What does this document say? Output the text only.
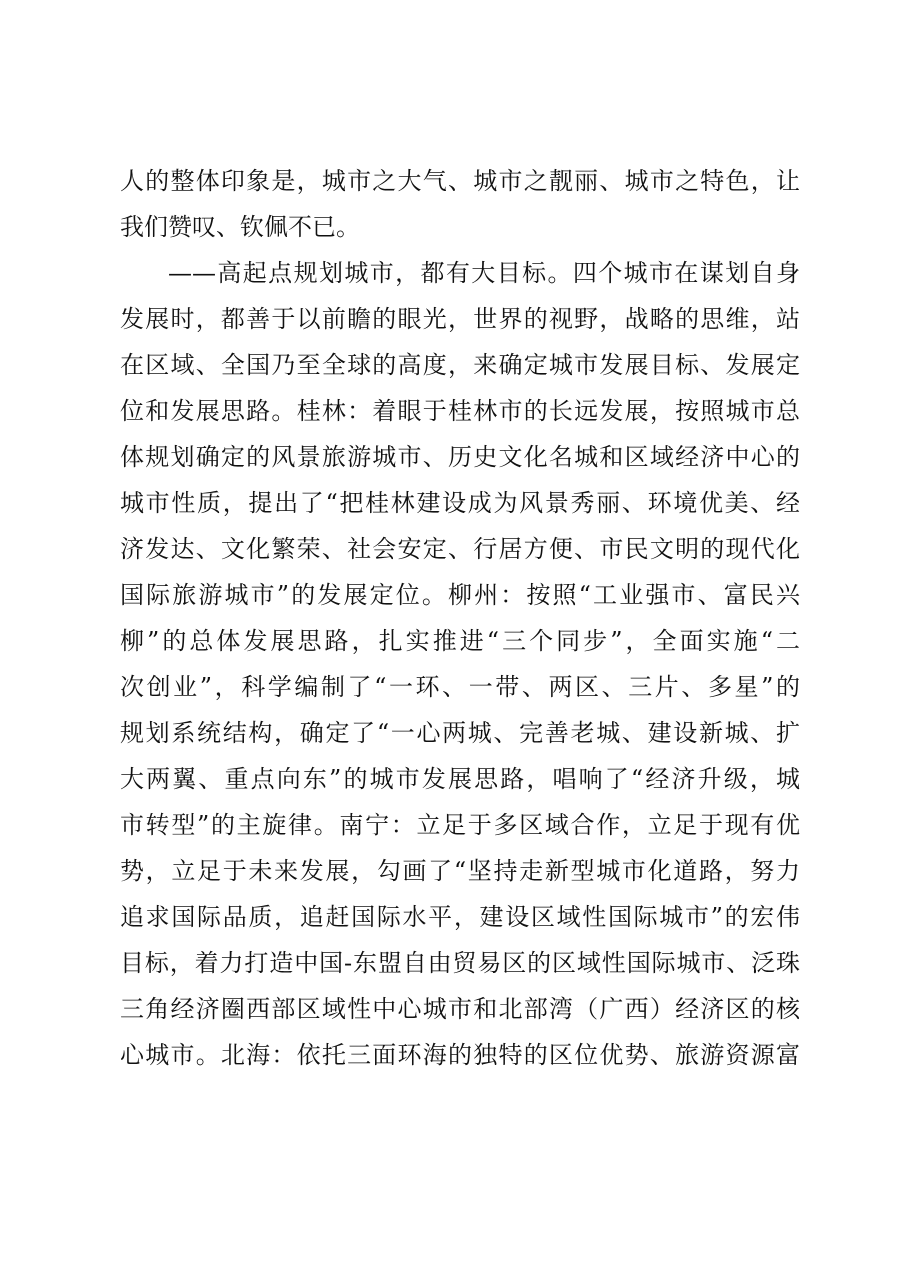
人的整体印象是，城市之大气、城市之靓丽、城市之特色，让
我们赞叹、钦佩不已。
——高起点规划城市，都有大目标。四个城市在谋划自身
发展时，都善于以前瞻的眼光，世界的视野，战略的思维，站
在区域、全国乃至全球的高度，来确定城市发展目标、发展定
位和发展思路。桂林：着眼于桂林市的长远发展，按照城市总
体规划确定的风景旅游城市、历史文化名城和区域经济中心的
城市性质，提出了“把桂林建设成为风景秀丽、环境优美、经
济发达、文化繁荣、社会安定、行居方便、市民文明的现代化
国际旅游城市”的发展定位。柳州：按照“工业强市、富民兴
柳”的总体发展思路，扎实推进“三个同步”，全面实施“二
次创业”，科学编制了“一环、一带、两区、三片、多星”的
规划系统结构，确定了“一心两城、完善老城、建设新城、扩
大两翼、重点向东”的城市发展思路，唱响了“经济升级，城
市转型”的主旋律。南宁：立足于多区域合作，立足于现有优
势，立足于未来发展，勾画了“坚持走新型城市化道路，努力
追求国际品质，追赶国际水平，建设区域性国际城市”的宏伟
目标，着力打造中国-东盟自由贸易区的区域性国际城市、泛珠
三角经济圈西部区域性中心城市和北部湾（广西）经济区的核
心城市。北海：依托三面环海的独特的区位优势、旅游资源富
